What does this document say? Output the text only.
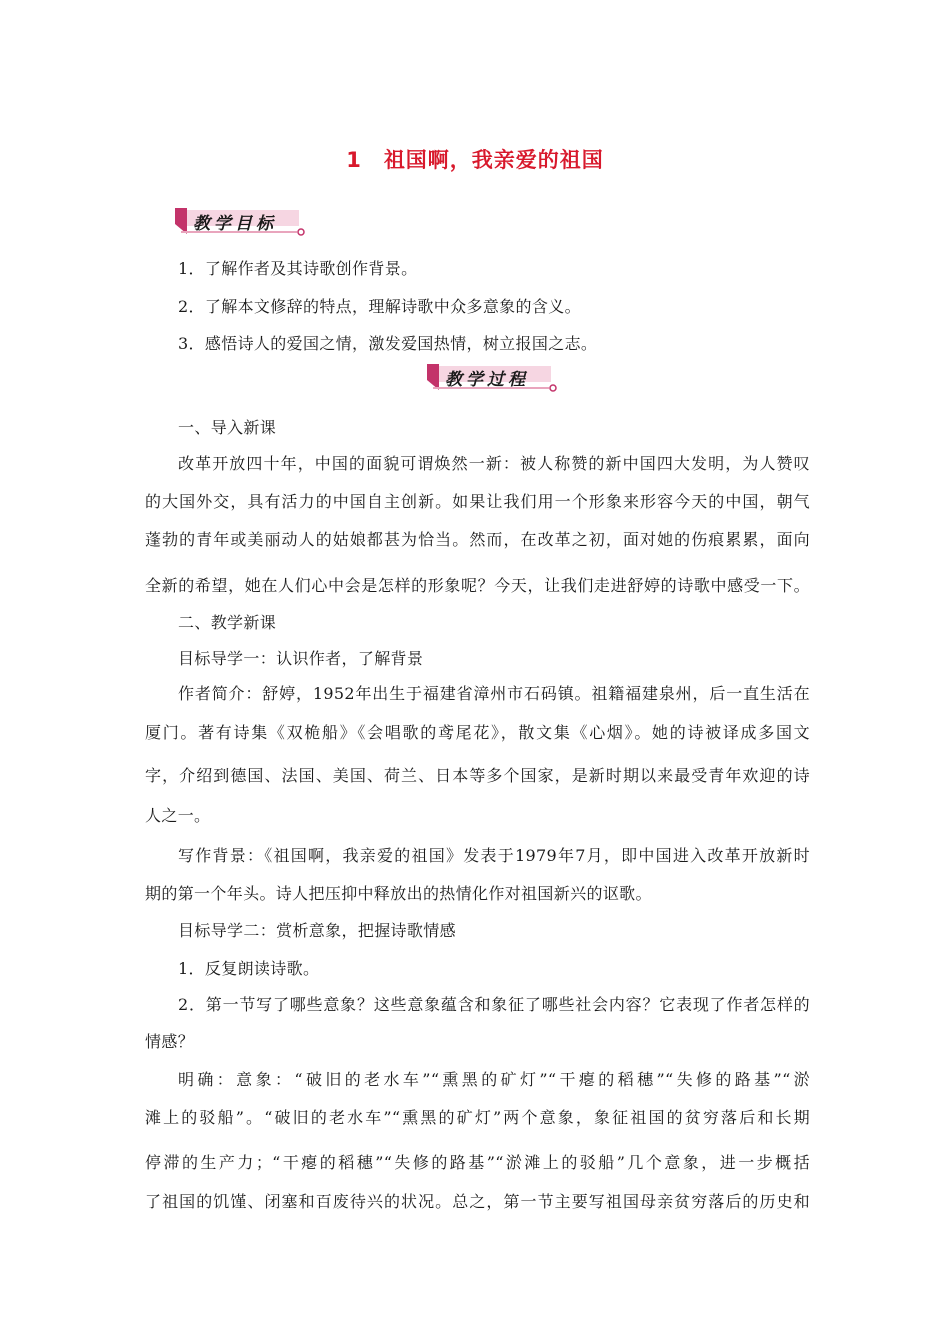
1 祖国啊，我亲爱的祖国
教学目标
1．了解作者及其诗歌创作背景。
2．了解本文修辞的特点，理解诗歌中众多意象的含义。
3．感悟诗人的爱国之情，激发爱国热情，树立报国之志。
教学过程
一、导入新课
改革开放四十年，中国的面貌可谓焕然一新：被人称赞的新中国四大发明，为人赞叹
的大国外交，具有活力的中国自主创新。如果让我们用一个形象来形容今天的中国，朝气
蓬勃的青年或美丽动人的姑娘都甚为恰当。然而，在改革之初，面对她的伤痕累累，面向
全新的希望，她在人们心中会是怎样的形象呢？今天，让我们走进舒婷的诗歌中感受一下。
二、教学新课
目标导学一：认识作者，了解背景
作者简介：舒婷，1952年出生于福建省漳州市石码镇。祖籍福建泉州，后一直生活在
厦门。著有诗集《双桅船》《会唱歌的鸢尾花》，散文集《心烟》。她的诗被译成多国文
字，介绍到德国、法国、美国、荷兰、日本等多个国家，是新时期以来最受青年欢迎的诗
人之一。
写作背景：《祖国啊，我亲爱的祖国》发表于1979年7月，即中国进入改革开放新时
期的第一个年头。诗人把压抑中释放出的热情化作对祖国新兴的讴歌。
目标导学二：赏析意象，把握诗歌情感
1．反复朗读诗歌。
2．第一节写了哪些意象？这些意象蕴含和象征了哪些社会内容？它表现了作者怎样的
情感？
明确：意象：“破旧的老水车”“熏黑的矿灯”“干瘪的稻穗”“失修的路基”“淤
滩上的驳船”。“破旧的老水车”“熏黑的矿灯”两个意象，象征祖国的贫穷落后和长期
停滞的生产力；“干瘪的稻穗”“失修的路基”“淤滩上的驳船”几个意象，进一步概括
了祖国的饥馑、闭塞和百废待兴的状况。总之，第一节主要写祖国母亲贫穷落后的历史和
